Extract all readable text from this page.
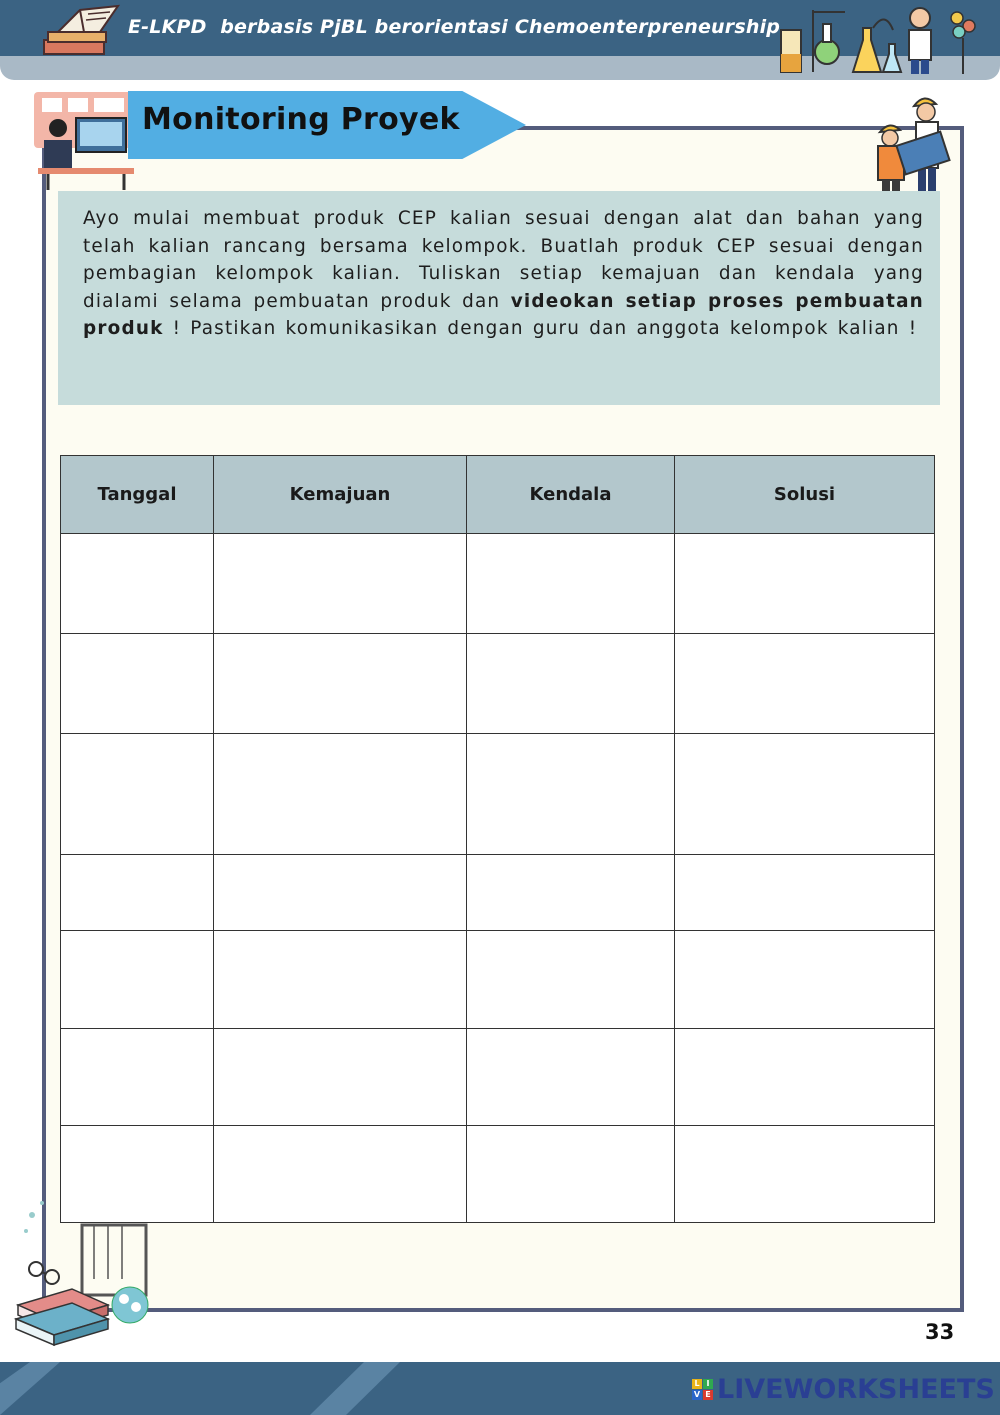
E-LKPD  berbasis PjBL berorientasi Chemoenterpreneurship
Monitoring Proyek

Ayo mulai membuat produk CEP kalian sesuai dengan alat dan bahan yang telah kalian rancang bersama kelompok. Buatlah produk CEP sesuai dengan pembagian kelompok kalian. Tuliskan setiap kemajuan dan kendala yang dialami selama pembuatan produk dan videokan setiap proses pembuatan produk ! Pastikan komunikasikan dengan guru dan anggota kelompok kalian !

Tanggal	Kemajuan	Kendala	Solusi

33
L I
V E LIVEWORKSHEETS
